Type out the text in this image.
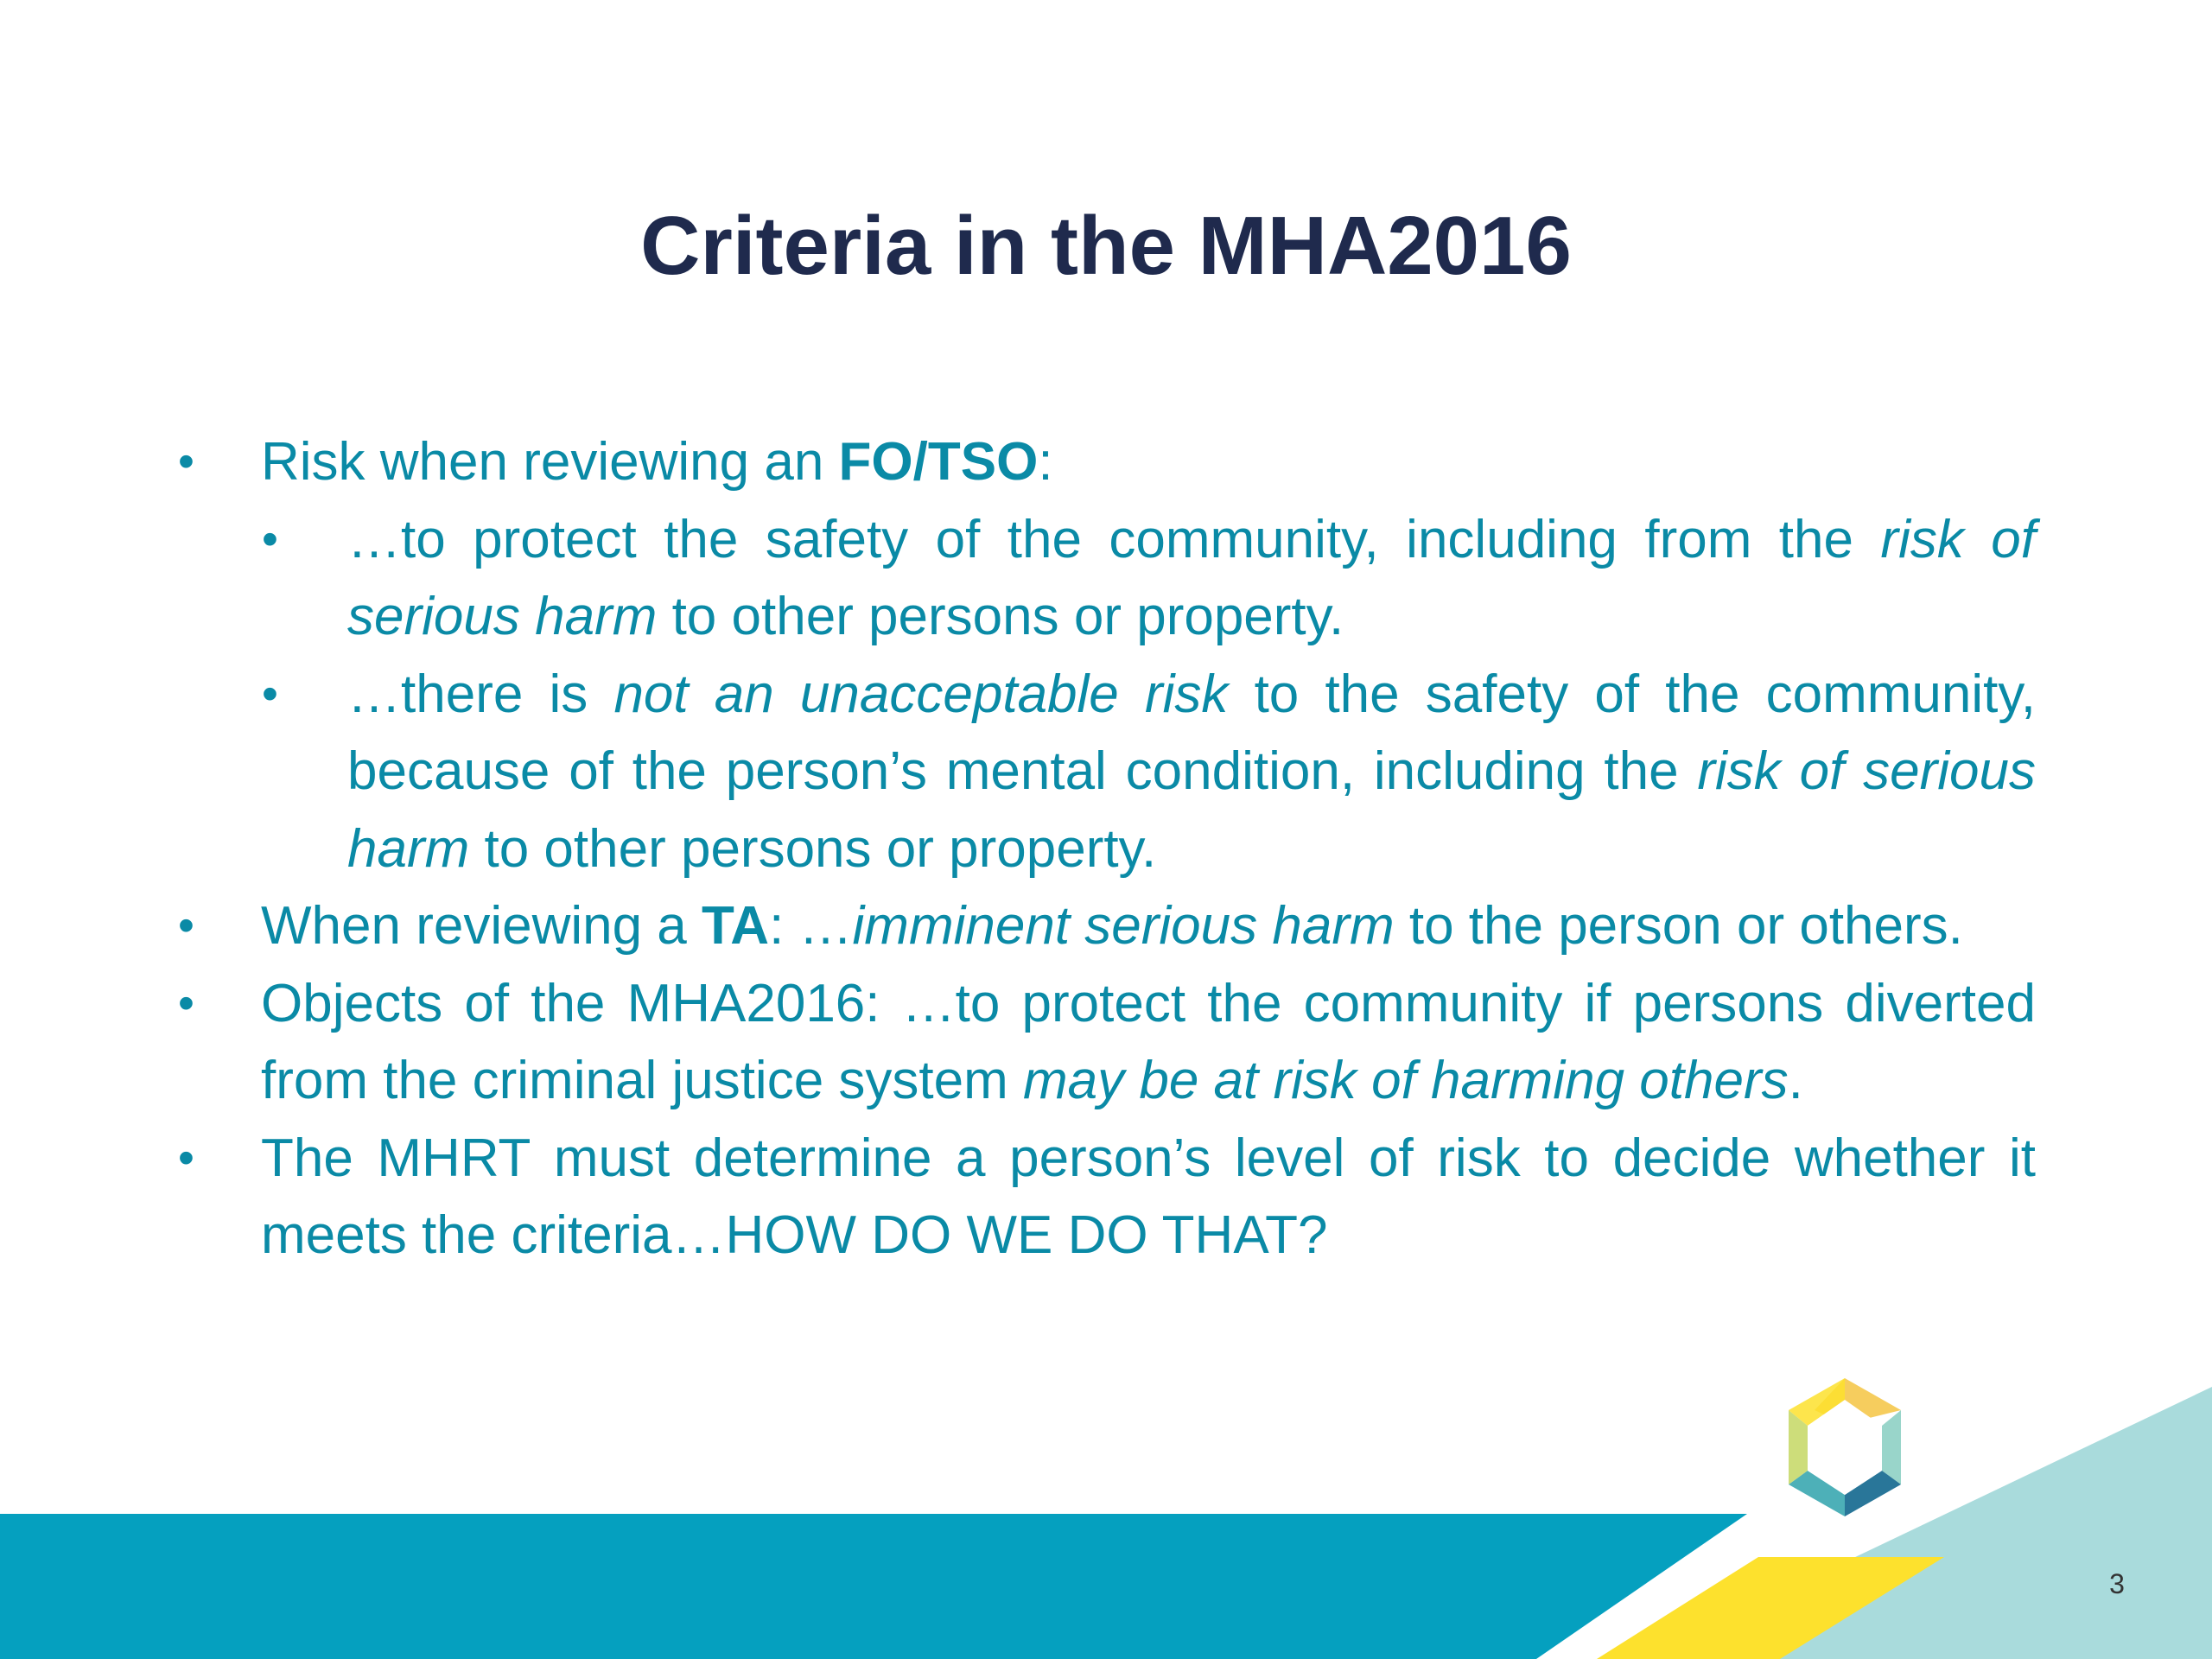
Criteria in the MHA2016
• Risk when reviewing an FO/TSO:
• …to protect the safety of the community, including from the risk of serious harm to other persons or property.
• …there is not an unacceptable risk to the safety of the community, because of the person’s mental condition, including the risk of serious harm to other persons or property.
• When reviewing a TA: …imminent serious harm to the person or others.
• Objects of the MHA2016: …to protect the community if persons diverted from the criminal justice system may be at risk of harming others.
• The MHRT must determine a person’s level of risk to decide whether it meets the criteria…HOW DO WE DO THAT?
3
